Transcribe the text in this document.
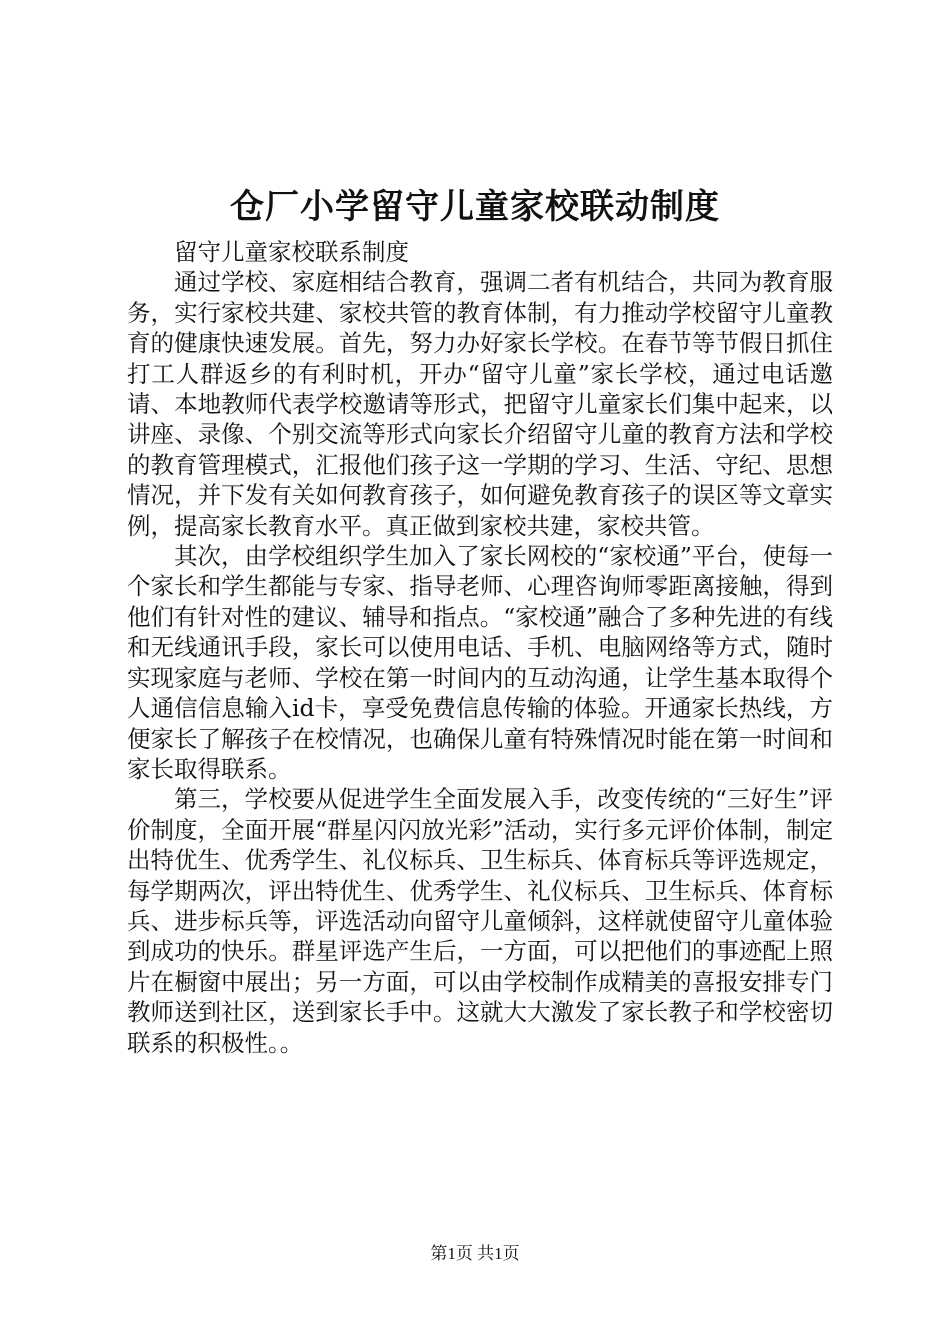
仓厂小学留守儿童家校联动制度

留守儿童家校联系制度

通过学校、家庭相结合教育，强调二者有机结合，共同为教育服务，实行家校共建、家校共管的教育体制，有力推动学校留守儿童教育的健康快速发展。首先，努力办好家长学校。在春节等节假日抓住打工人群返乡的有利时机，开办“留守儿童”家长学校，通过电话邀请、本地教师代表学校邀请等形式，把留守儿童家长们集中起来，以讲座、录像、个别交流等形式向家长介绍留守儿童的教育方法和学校的教育管理模式，汇报他们孩子这一学期的学习、生活、守纪、思想情况，并下发有关如何教育孩子，如何避免教育孩子的误区等文章实例，提高家长教育水平。真正做到家校共建，家校共管。

其次，由学校组织学生加入了家长网校的“家校通”平台，使每一个家长和学生都能与专家、指导老师、心理咨询师零距离接触，得到他们有针对性的建议、辅导和指点。“家校通”融合了多种先进的有线和无线通讯手段，家长可以使用电话、手机、电脑网络等方式，随时实现家庭与老师、学校在第一时间内的互动沟通，让学生基本取得个人通信信息输入id卡，享受免费信息传输的体验。开通家长热线，方便家长了解孩子在校情况，也确保儿童有特殊情况时能在第一时间和家长取得联系。

第三，学校要从促进学生全面发展入手，改变传统的“三好生”评价制度，全面开展“群星闪闪放光彩”活动，实行多元评价体制，制定出特优生、优秀学生、礼仪标兵、卫生标兵、体育标兵等评选规定，每学期两次，评出特优生、优秀学生、礼仪标兵、卫生标兵、体育标兵、进步标兵等，评选活动向留守儿童倾斜，这样就使留守儿童体验到成功的快乐。群星评选产生后，一方面，可以把他们的事迹配上照片在橱窗中展出；另一方面，可以由学校制作成精美的喜报安排专门教师送到社区，送到家长手中。这就大大激发了家长教子和学校密切联系的积极性。。

第1页 共1页
